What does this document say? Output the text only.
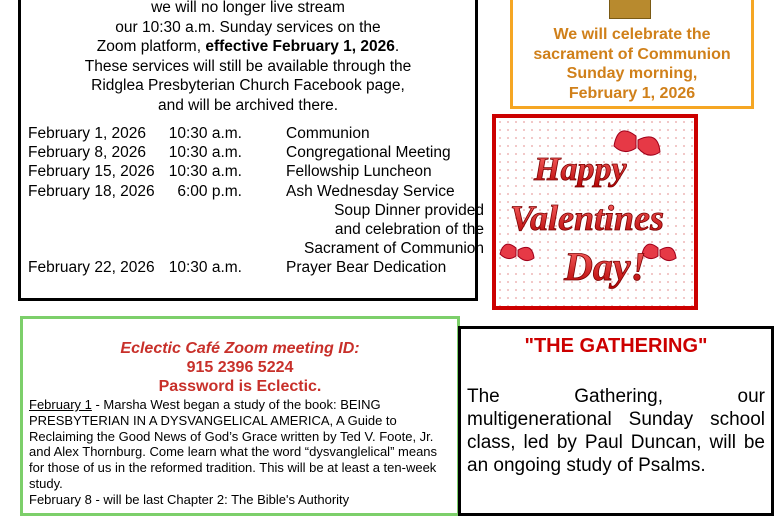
we will no longer live stream
our 10:30 a.m. Sunday services on the
Zoom platform, effective February 1, 2026.
These services will still be available through the
Ridglea Presbyterian Church Facebook page,
and will be archived there.
February 1, 2026	10:30 a.m.	Communion
February 8, 2026	10:30 a.m.	Congregational Meeting
February 15, 2026 10:30 a.m.	Fellowship Luncheon
February 18, 2026	6:00 p.m.	Ash Wednesday Service
Soup Dinner provided
and celebration of the
Sacrament of Communion
February 22, 2026 10:30 a.m.	Prayer Bear Dedication
We will celebrate the
sacrament of Communion
Sunday morning,
February 1, 2026
Happy
Valentines
Day!
Eclectic Café Zoom meeting ID:
915 2396 5224
Password is Eclectic.
February 1 - Marsha West began a study of the book: BEING PRESBYTERIAN IN A DYSVANGELICAL AMERICA, A Guide to Reclaiming the Good News of God’s Grace written by Ted V. Foote, Jr. and Alex Thornburg. Come learn what the word “dysvanglelical” means for those of us in the reformed tradition. This will be at least a ten-week study.
February 8 - will be last Chapter 2: The Bible's Authority
"THE GATHERING"
The Gathering, our multigenerational Sunday school class, led by Paul Duncan, will be an ongoing study of Psalms.
